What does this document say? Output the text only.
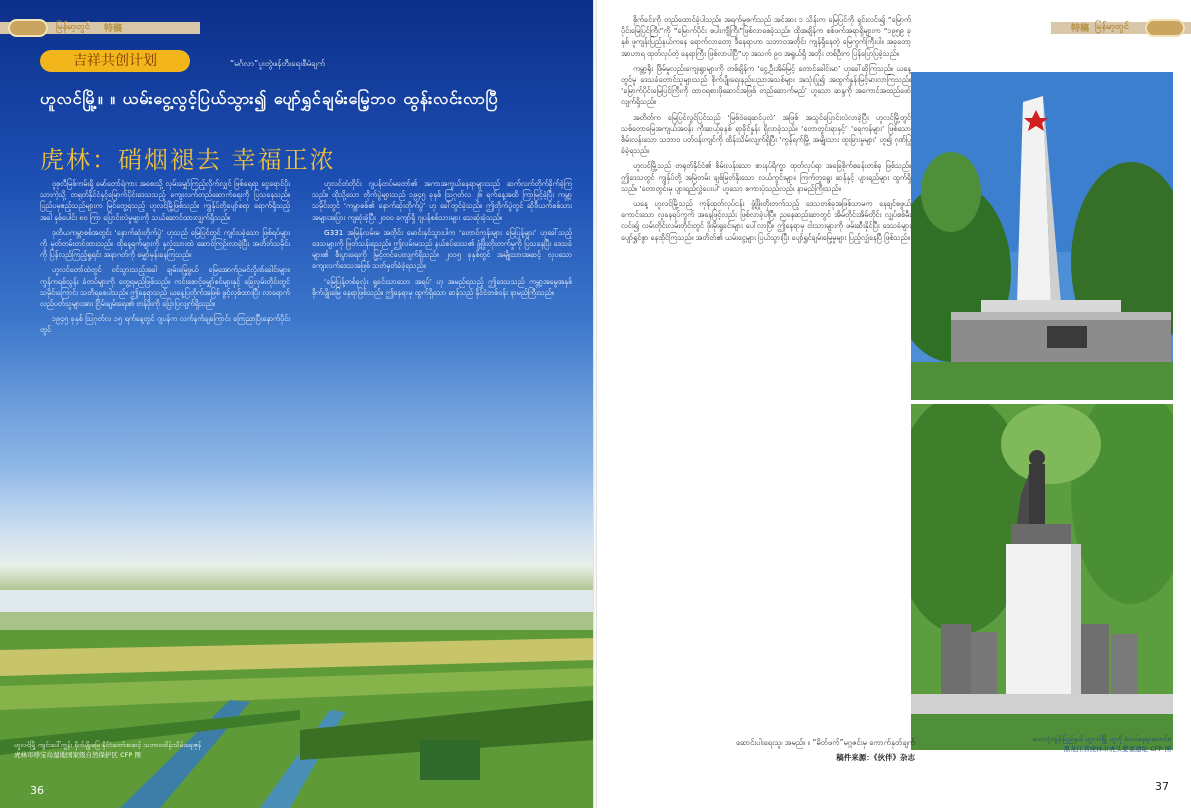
မြန်မာ့တွင် 特稿
吉祥共创计划	“မင်္ဂလာ”ပူးတွဲဖန်တီးရေးစီမံချက်
ဟူလင်မြို့။ ။ ယမ်းငွေ့လွင့်ပြယ်သွား၍ ပျော်ရွှင်ချမ်းမြေ့ဘဝ ထွန်းလင်းလာပြီ
虎林：硝烟褪去 幸福正浓

ဝူစုလီမြစ်ကမ်းရှိ မော်တော်ရဲကား အစေးသို့ လှမ်းမျှော်ကြည့်လိုက်လျှင် ဖြစ်ရေရာ ငွေရောင်ပိုးသားကဲ့သို့ တရုတ်နိုင်ငံနှင့်မြောက်ပိုင်းဒေသသည့် ကျေးလက်တည်ဆောက်ရေးကို ပြသနေသည်။ ပြည်ပမှဧည့်သည်များက မြင်တွေ့ရသည့် ဟူလင်မြို့ဖြစ်သည်။ ကျွန်ုပ်တို့ပျော်စရာ ရောက်ရှိသည့်အခါ နှစ်ပေါင်း ၈၀ ကြာ ပြောင်းလဲမှုများကို သယ်ဆောင်ထားလျှက်ရှိသည်။

ဒုတိယကမ္ဘာစစ်အတွင်း ‘နောက်ဆုံးတိုက်ပွဲ’ ဟုသည် မြေပြင်တွင် ကျင်းပခဲ့သော ဖြစ်ရပ်များကို မှတ်တမ်းတင်ထားသည်။ ထိုနေ့ရက်များကို နှလုံးသားထဲ ဆောင်ကြဉ်းလာခဲ့ပြီး အတိတ်သမိုင်းကို ပြန်လည်ကြည့်ရှုရင်း အနာဂတ်ကို မျှော်မှန်းနေကြသည်။

ဟူလင်တော်ထဲတွင် ဝင်သွားသည့်အခါ ချမ်းမြေ့ဖွယ် မြေအောက်ဥမင်လှိုဏ်ခေါင်းများ၊ ကွန်ကရစ်သွန်း ခံတပ်များကို တွေ့ရမည်ဖြစ်သည်။ ကင်းစောင့်မျှော်စင်များနှင့် ခြေလှမ်းတိုင်းတွင် သမိုင်းကြောင်း သတိရစေပါသည်။ ဤနေရာသည် ယနေ့ပြတိုက်အဖြစ် ဖွင့်လှစ်ထားပြီး လာရောက်လည်ပတ်သူများအား ငြိမ်းချမ်းရေး၏ တန်ဖိုးကို ပြောပြလျက်ရှိသည်။

၁၉၄၅ ခုနှစ် ဩဂုတ်လ ၁၅ ရက်နေ့တွင် ဂျပန်က လက်နက်ချကြောင်း ကြေညာပြီးနောက်ပိုင်းတွင်

ဟူလင်တံတိုင်း ဂျပန်တပ်မတော်၏ အကာအကွယ်နေရာများသည် ဆက်လက်တိုက်ခိုက်ခဲ့ကြသည်။ ထိုသို့သော တိုက်ပွဲများသည် ၁၉၄၅ ခုနှစ် ဩဂုတ်လ ၂၆ ရက်နေ့အထိ ကြာမြင့်ခဲ့ပြီး ကမ္ဘာ့သမိုင်းတွင် ‘ကမ္ဘာစစ်၏ နောက်ဆုံးတိုက်ပွဲ’ ဟု ခေါ်တွင်ခဲ့သည်။ ဤတိုက်ပွဲတွင် ဆိုဗီယက်စစ်သား အများအပြား ကျဆုံးခဲ့ပြီး ၂၀၀၀ ကျော်ရှိ ဂျပန်စစ်သားများ သေဆုံးခဲ့သည်။

G331 အမြန်လမ်းမ အတိုင်း မောင်းနှင်သွားပါက ‘တောင်ကုန်းများ မြေပြန့်များ’ ဟုခေါ်သည့် ဒေသများကို ဖြတ်သန်းရသည်။ ဤလမ်းမသည် နယ်စပ်ဒေသ၏ ဖွံ့ဖြိုးတိုးတက်မှုကို ပြသနေပြီး ဒေသခံများ၏ စီးပွားရေးကို မြှင့်တင်ပေးလျက်ရှိသည်။ ၂၀၁၅ ခုနှစ်တွင် အမျိုးသားအဆင့် လှပသော ကျေးလက်ဒေသအဖြစ် သတ်မှတ်ခံခဲ့ရသည်။

‘မြေပြန့်တစ်ခုလုံး ရှုခင်းသာသော အရပ်’ ဟု အမည်ရသည့် ဤဒေသသည် ကမ္ဘာ့အမွေအနှစ်စိုက်ပျိုးမြေ နေရာဖြစ်သည်။ ဤနေရာမှ ထွက်ရှိသော ဆန်သည် နိုင်ငံတစ်ဝန်း နာမည်ကြီးသည်။

ဟူလင်မြို့ ကျင်းပေါ်ကွန်း စိုက်ပျိုးမြေ နိုင်ငံတော်အဆင့် သဘာဝထိန်းသိမ်းရေးဇုန်
虎林市珍宝岛湿地国家级自然保护区 CFP 图
36
特稿 မြန်မာ့တွင်

စိုက်ခင်းကို တည်ထောင်ခဲ့ပါသည်။ အရက်မှုစက်သည် အင်အား ၁ သိန်းက မြေပြင်ကို ရှင်းလင်း၍ “မြောက်ပိုင်းမြေပြင်ကြီး”ကို “မြောက်ပိုင်း စပါးကျီကြီး”ဖြစ်လာစေခဲ့သည်။ ထိုအချိန်က စစ်ဖက်အရာရှိများက “၁၉၅၉ ခုနှစ် ဖူကျန်းပြည်နယ်ကနေ ရောက်လာတော့ ဒီနေရာဟာ သဘာဝအတိုင်း ကျန်ရှိနေတဲ့ မြေကွက်ကြီးပါ။ အခုတော့ အာဟာရ ထုတ်လုပ်တဲ့ နေရာကြီး ဖြစ်လာပါပြီ”ဟု အသက် ၉၀ အရွယ်ရှိ အဘိုး တစ်ဦးက ပြန်ပြောပြခဲ့သည်။

ကမ္ဘာ့ရိုး ဖြိမ်မှုလည်းကျေးရွာများကို တစ်ချိန်က ‘ငွေ့ဦးအိမ်မြင့် တောင်ခေါင်းမာ’ ဟုခေါ်ဆိုကြသည်။ ယနေ့တွင်မူ ဒေသခံတောင်သူများသည် စိုက်ပျိုးရေးနည်းပညာအသစ်များ အသုံးပြု၍ အထွက်နှုန်းမြင့်မားလာကြသည်။ ‘မြောက်ပိုင်းမြေပြင်ကြီးကို ထာဝရစားဖိုဆောင်အဖြစ် တည်ဆောက်မည်’ ဟူသော ဆန္ဒကို အကောင်အထည်ဖော်လျက်ရှိသည်။

အတိတ်က မြေပြင်လွင်ပြင်သည် ‘မြစ်ဝဲရေဆင်ပုလဲ’ အဖြစ် အသွင်ပြောင်းလဲလာခဲ့ပြီး ဟူလင်မြို့တွင် သစ်တောမြေအကျယ်အဝန်း ကိုးဆယ့်ခုနစ် ရာခိုင်နှုန်း ရှိလာခဲ့သည်။ ‘တောတွင်းရာနှင့်’ ‘ရေကန်များ’ ဖြစ်သော စိမ်းလန်းသော သဘာဝ ပတ်ဝန်းကျင်ကို ထိန်းသိမ်းလျက်ရှိပြီး ‘ကွန်ရက်မြို့ အမျိုးသား ထူးခြားမှုများ’ ဟူ၍ ဂုဏ်ပြုခံခဲ့ရသည်။

ဟူလင်မြို့သည် တရုတ်နိုင်ငံ၏ စိမ်းလန်းသော စားနပ်ရိက္ခာ ထုတ်လုပ်ရာ အခြေစိုက်စခန်းတစ်ခု ဖြစ်သည်။ ဤဒေသတွင် ကျွန်ုပ်တို့ အမြဲတမ်း ချစ်မြတ်နိုးသော လယ်ကွင်းများ၊ ကြက်တူရွေး ဆန်နှင့် ပျားရည်များ ထွက်ရှိသည်။ ‘တောတွင်းမှ ပျားရည်လွှဲပေးပါ’ ဟူသော စကားပုံသည်လည်း နာမည်ကြီးသည်။

ယနေ့ ဟူလင်မြို့သည် ကုန်ထုတ်လုပ်ငန်း ဖွံ့ဖြိုးတိုးတက်သည့် ဒေသတစ်ခုအဖြစ်သာမက နေချင်စဖွယ်ကောင်းသော လူနေရပ်ကွက် အနေဖြင့်လည်း ဖြစ်လာခဲ့ပါပြီ။ ညနေဆည်းဆာတွင် အိမ်တိုင်းအိမ်တိုင်း လျှပ်စစ်မီးလင်း၍ လမ်းတိုင်းလမ်းတိုင်းတွင် ဖိုးမိုးရှုခင်းများ ပေါ်လာပြီ။ ဤနေရာမှ ငါးသားများကို ဖမ်းဆီးနိုင်ပြီး ဒေသခံများ ပျော်ရွှင်စွာ နေထိုင်ကြသည်။ အတိတ်၏ ယမ်းငွေ့များ ပြယ်သွားပြီး ပျော်ရွှင်ချမ်းမြေ့မှုများ ပြည့်လျှံနေပြီ ဖြစ်သည်။

ဟေးလုံကျန်းပြည်နယ် ဟူလင်မြို့ ဟူတို ခံတပ်နေရာဟောင်း။
黑龙江省虎林市虎头要塞遗址 CFP 图
ဆောင်းပါးရေးသူ၊ အမည်။ ။ “မိတ်ဖက်”မဂ္ဂဇင်းမှ ကောက်နုတ်ချက်
稿件来源：《伙伴》杂志
37
